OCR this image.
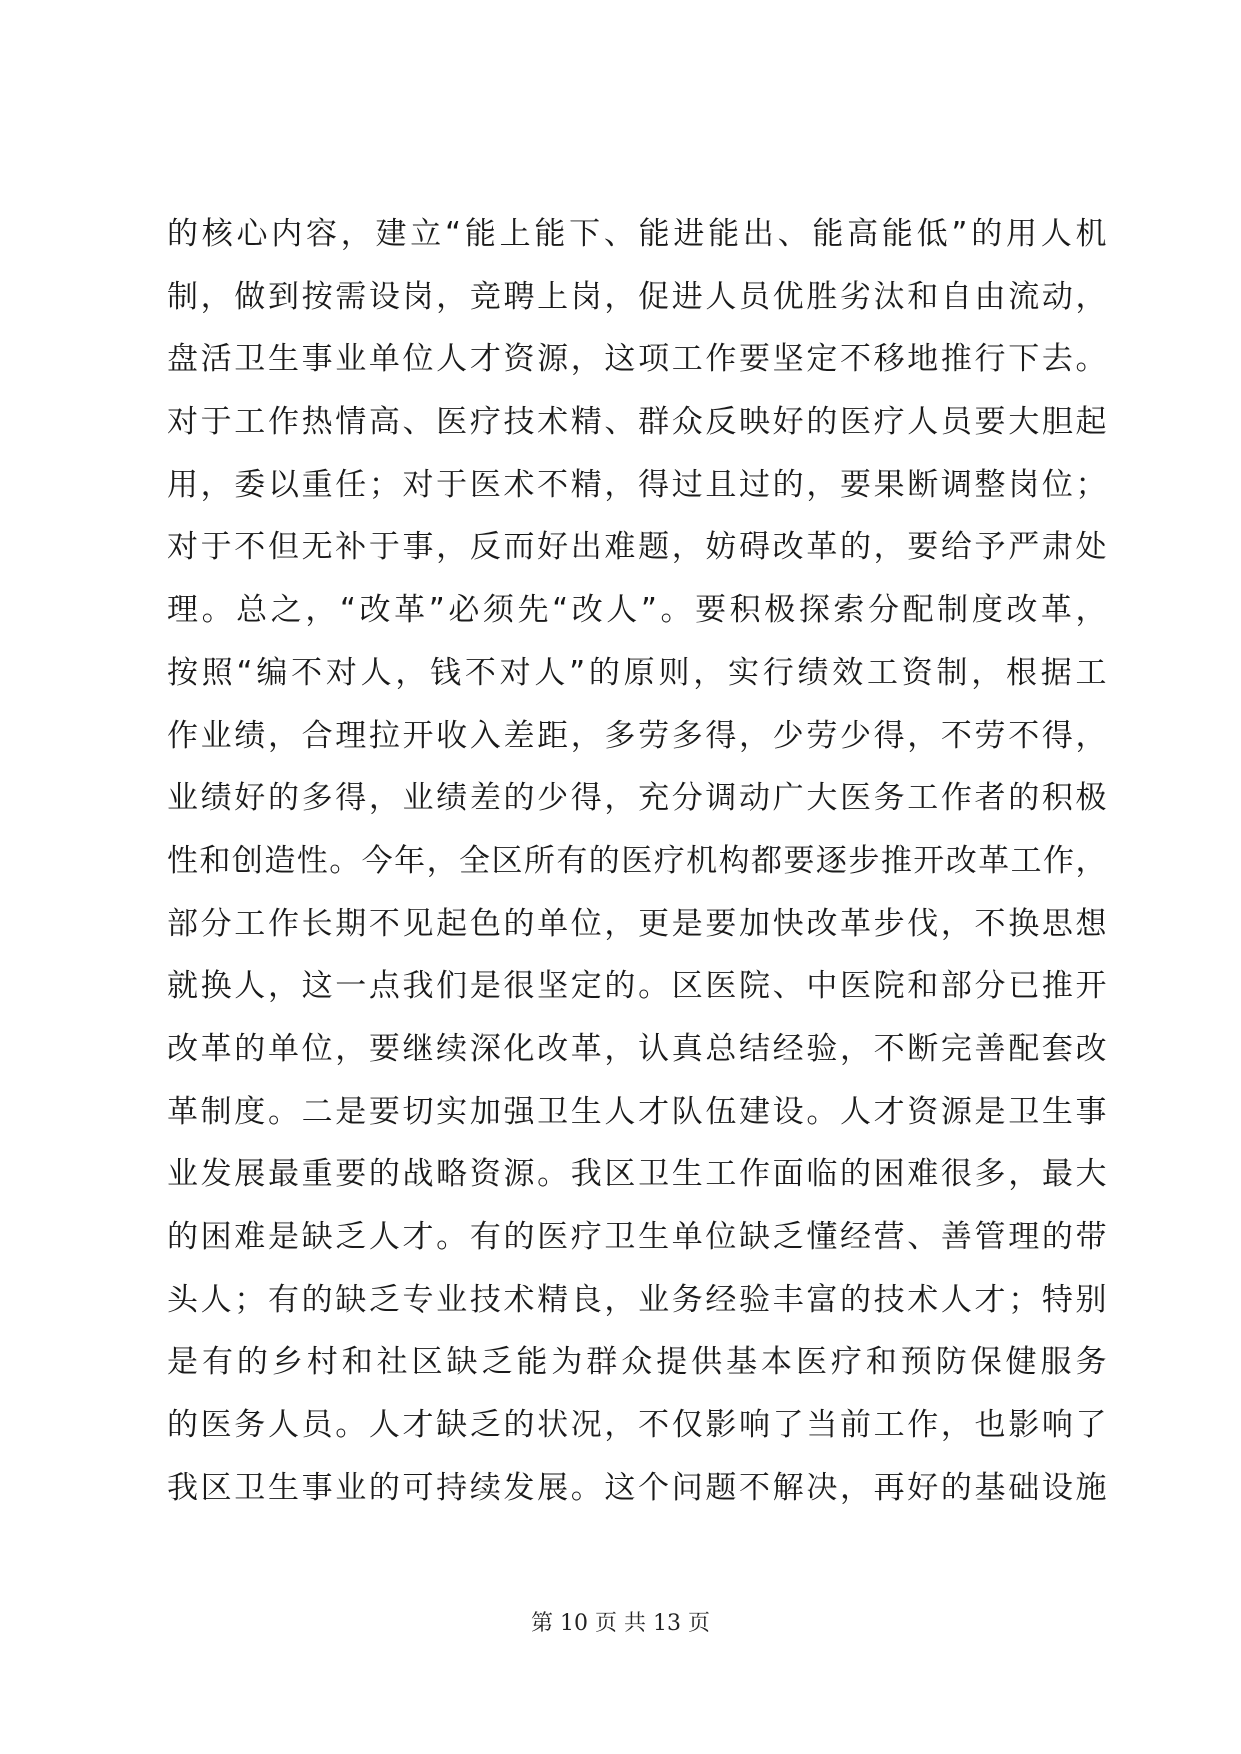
的核心内容，建立“能上能下、能进能出、能高能低”的用人机
制，做到按需设岗，竞聘上岗，促进人员优胜劣汰和自由流动，
盘活卫生事业单位人才资源，这项工作要坚定不移地推行下去。
对于工作热情高、医疗技术精、群众反映好的医疗人员要大胆起
用，委以重任；对于医术不精，得过且过的，要果断调整岗位；
对于不但无补于事，反而好出难题，妨碍改革的，要给予严肃处
理。总之，“改革”必须先“改人”。要积极探索分配制度改革，
按照“编不对人，钱不对人”的原则，实行绩效工资制，根据工
作业绩，合理拉开收入差距，多劳多得，少劳少得，不劳不得，
业绩好的多得，业绩差的少得，充分调动广大医务工作者的积极
性和创造性。今年，全区所有的医疗机构都要逐步推开改革工作，
部分工作长期不见起色的单位，更是要加快改革步伐，不换思想
就换人，这一点我们是很坚定的。区医院、中医院和部分已推开
改革的单位，要继续深化改革，认真总结经验，不断完善配套改
革制度。二是要切实加强卫生人才队伍建设。人才资源是卫生事
业发展最重要的战略资源。我区卫生工作面临的困难很多，最大
的困难是缺乏人才。有的医疗卫生单位缺乏懂经营、善管理的带
头人；有的缺乏专业技术精良，业务经验丰富的技术人才；特别
是有的乡村和社区缺乏能为群众提供基本医疗和预防保健服务
的医务人员。人才缺乏的状况，不仅影响了当前工作，也影响了
我区卫生事业的可持续发展。这个问题不解决，再好的基础设施
第 10 页 共 13 页
